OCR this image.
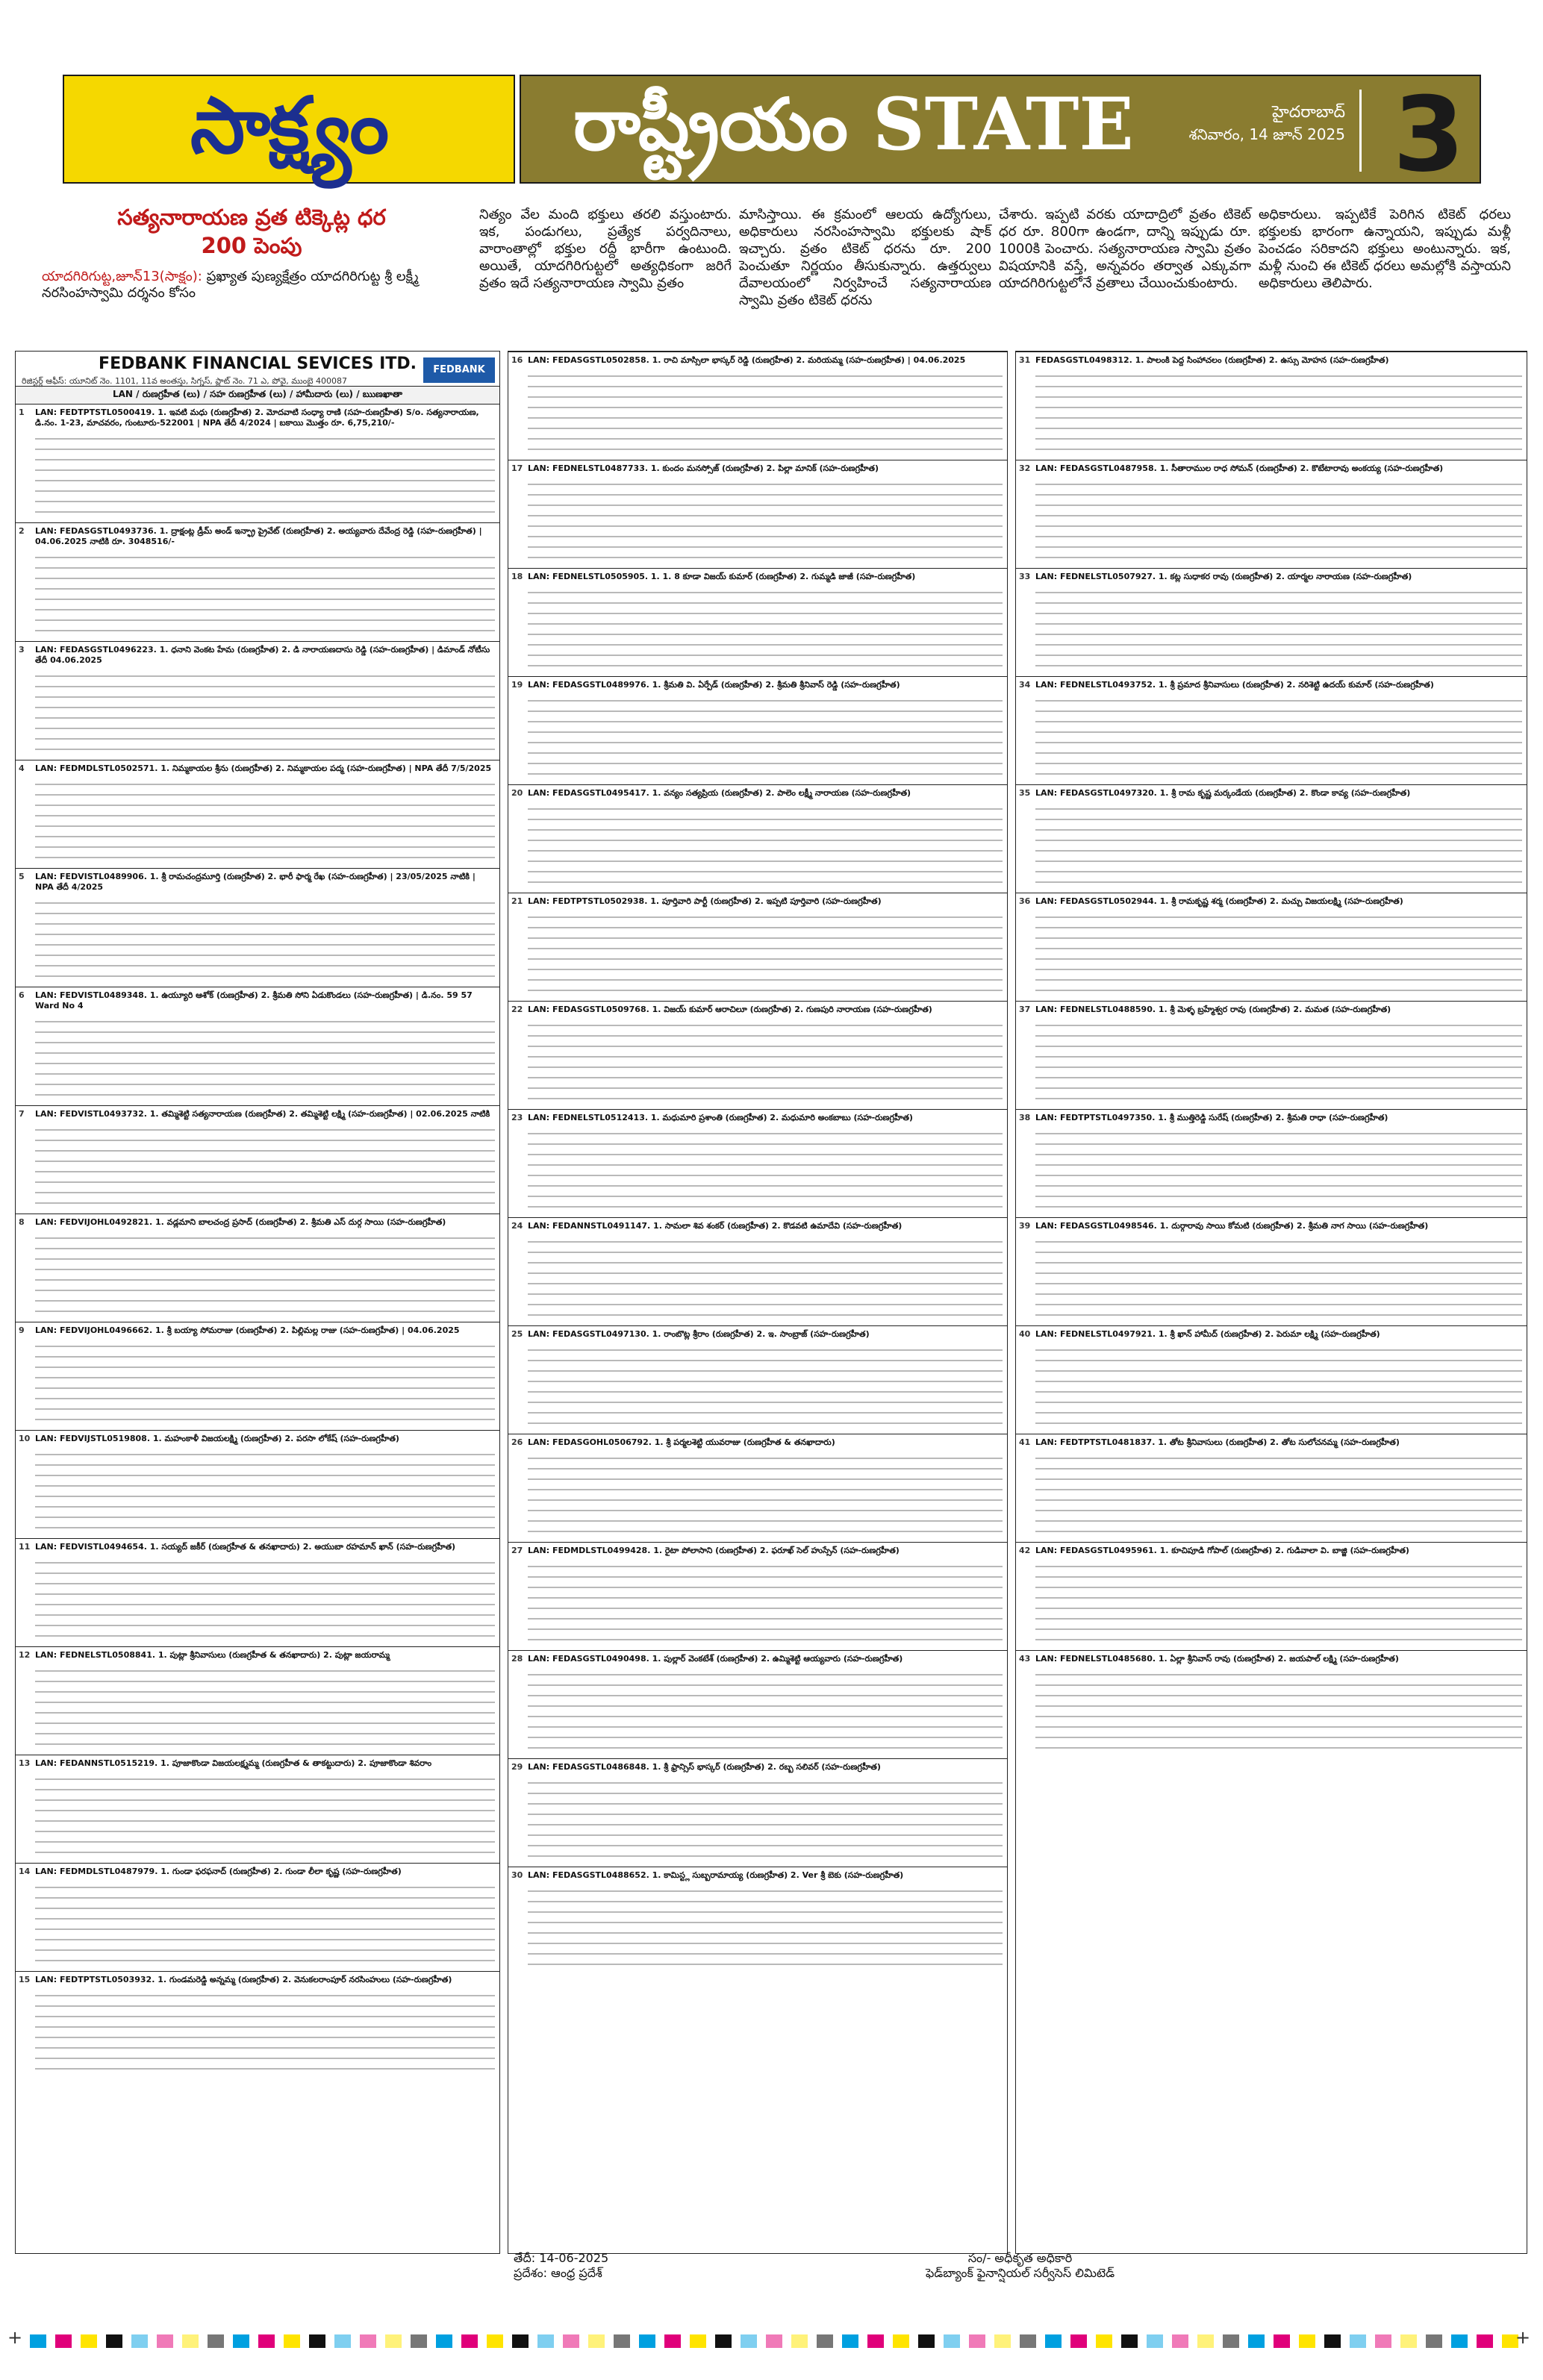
సాక్ష్యం	రాష్ట్రీయం STATE	హైదరాబాద్
శనివారం, 14 జూన్ 2025 3
సత్యనారాయణ వ్రత టిక్కెట్ల ధర
200 పెంపు
యాదగిరిగుట్ట,జూన్13(సాక్షం): ప్రఖ్యాత పుణ్యక్షేత్రం యాదగిరిగుట్ట శ్రీ లక్ష్మీ నరసింహస్వామి దర్శనం కోసం
నిత్యం వేల మంది భక్తులు తరలి వస్తుంటారు. ఇక, పండుగలు, ప్రత్యేక పర్వదినాలు, వారాంతాల్లో భక్తుల రద్దీ భారీగా ఉంటుంది. అయితే, యాదగిరిగుట్టలో అత్యధికంగా జరిగే వ్రతం ఇదే సత్యనారాయణ స్వామి వ్రతం
మాసిస్తాయి. ఈ క్రమంలో ఆలయ ఉద్యోగులు, అధికారులు నరసింహస్వామి భక్తులకు షాక్ ఇచ్చారు. వ్రతం టికెట్ ధరను రూ. 200 పెంచుతూ నిర్ణయం తీసుకున్నారు. ఉత్తర్వులు దేవాలయంలో నిర్వహించే సత్యనారాయణ స్వామి వ్రతం టికెట్ ధరను
చేశారు. ఇప్పటి వరకు యాదాద్రిలో వ్రతం టికెట్ ధర రూ. 800గా ఉండగా, దాన్ని ఇప్పుడు రూ. 1000కి పెంచారు. సత్యనారాయణ స్వామి వ్రతం విషయానికి వస్తే, అన్నవరం తర్వాత ఎక్కువగా యాదగిరిగుట్టలోనే వ్రతాలు చేయించుకుంటారు.
అధికారులు. ఇప్పటికే పెరిగిన టికెట్ ధరలు భక్తులకు భారంగా ఉన్నాయని, ఇప్పుడు మళ్లీ పెంచడం సరికాదని భక్తులు అంటున్నారు. ఇక, మళ్లీ నుంచి ఈ టికెట్ ధరలు అమల్లోకి వస్తాయని అధికారులు తెలిపారు.
FEDBANK FINANCIAL SEVICES ITD.	FEDBANK
రిజిస్టర్డ్ ఆఫీస్: యూనిట్ నెం. 1101, 11వ అంతస్తు, సిగ్నస్, ప్లాట్ నెం. 71 ఎ, పోవై, ముంబై 400087
LAN / రుణగ్రహీత (లు) / సహ రుణగ్రహీత (లు) / హామీదారు (లు) / ఋణఖాతా
1 LAN: FEDTPTSTL0500419. 1. ఇవటి మధు (రుణగ్రహీత) 2. మోదవాటి సంధ్యా రాణి (సహ-రుణగ్రహీత) S/o. సత్యనారాయణ, డి.నం. 1-23, మాచవరం, గుంటూరు-522001 | NPA తేదీ 4/2024 | బకాయి మొత్తం రూ. 6,75,210/-
2 LAN: FEDASGSTL0493736. 1. ద్రాక్షంట్ల డ్రీమ్ అండ్ ఇన్ఫ్రా ప్రైవేట్ (రుణగ్రహీత) 2. అయ్యవారు దేవేంద్ర రెడ్డి (సహ-రుణగ్రహీత) | 04.06.2025 నాటికి రూ. 3048516/-
3 LAN: FEDASGSTL0496223. 1. ధనాని వెంకట హేమ (రుణగ్రహీత) 2. డి నారాయణదాసు రెడ్డి (సహ-రుణగ్రహీత) | డిమాండ్ నోటీసు తేదీ 04.06.2025
4 LAN: FEDMDLSTL0502571. 1. నిమ్మకాయల శ్రీను (రుణగ్రహీత) 2. నిమ్మకాయల పద్మ (సహ-రుణగ్రహీత) | NPA తేదీ 7/5/2025
5 LAN: FEDVISTL0489906. 1. శ్రీ రామచంద్రమూర్తి (రుణగ్రహీత) 2. భారీ ఫార్మ రేఖ (సహ-రుణగ్రహీత) | 23/05/2025 నాటికి | NPA తేదీ 4/2025
6 LAN: FEDVISTL0489348. 1. ఉయ్యూరి ఆశోక్ (రుణగ్రహీత) 2. శ్రీమతి సోని ఏడుకొండలు (సహ-రుణగ్రహీత) | డి.నం. 59 57 Ward No 4
7 LAN: FEDVISTL0493732. 1. తమ్మిశెట్టి సత్యనారాయణ (రుణగ్రహీత) 2. తమ్మిశెట్టి లక్ష్మి (సహ-రుణగ్రహీత) | 02.06.2025 నాటికి
8 LAN: FEDVIJOHL0492821. 1. వడ్లమాని బాలచంద్ర ప్రసాద్ (రుణగ్రహీత) 2. శ్రీమతి ఎస్ దుర్గ సాయి (సహ-రుణగ్రహీత)
9 LAN: FEDVIJOHL0496662. 1. శ్రీ బయ్యా సోమరాజు (రుణగ్రహీత) 2. పిల్లిమల్ల రాజు (సహ-రుణగ్రహీత) | 04.06.2025
10 LAN: FEDVIJSTL0519808. 1. మహంకాళీ విజయలక్ష్మి (రుణగ్రహీత) 2. పరసా లోకేష్ (సహ-రుణగ్రహీత)
11 LAN: FEDVISTL0494654. 1. సయ్యద్ జకీర్ (రుణగ్రహీత & తనఖాదారు) 2. అయుబా రహమాన్ ఖాన్ (సహ-రుణగ్రహీత)
12 LAN: FEDNELSTL0508841. 1. పుట్లా శ్రీనివాసులు (రుణగ్రహీత & తనఖాదారు) 2. పుట్లా జయరామ్మ
13 LAN: FEDANNSTL0515219. 1. పూజాకొండా విజయలక్ష్మమ్మ (రుణగ్రహీత & తాకట్టుదారు) 2. పూజాకొండా శివరాం
14 LAN: FEDMDLSTL0487979. 1. గుండా ఫరఫనాద్ (రుణగ్రహీత) 2. గుండా లీలా కృష్ణ (సహ-రుణగ్రహీత)
15 LAN: FEDTPTSTL0503932. 1. గుండమరెడ్డి అన్నమ్మ (రుణగ్రహీత) 2. వెనుకలరాంపూర్ నరసింహులు (సహ-రుణగ్రహీత)
16 LAN: FEDASGSTL0502858. 1. రాచి మాస్సిలా భాస్కర్ రెడ్డి (రుణగ్రహీత) 2. మరియమ్మ (సహ-రుణగ్రహీత) | 04.06.2025
17 LAN: FEDNELSTL0487733. 1. కుందం మనస్సోజ్ (రుణగ్రహీత) 2. పిల్లా మానిక్ (సహ-రుణగ్రహీత)
18 LAN: FEDNELSTL0505905. 1. 1. 8 కూడా విజయ్ కుమార్ (రుణగ్రహీత) 2. గుమ్మడి జాజీ (సహ-రుణగ్రహీత)
19 LAN: FEDASGSTL0489976. 1. శ్రీమతి వి. ఏర్పేడ్ (రుణగ్రహీత) 2. శ్రీమతి శ్రీనివాస్ రెడ్డి (సహ-రుణగ్రహీత)
20 LAN: FEDASGSTL0495417. 1. వన్యం సత్యప్రియ (రుణగ్రహీత) 2. పాలెం లక్ష్మీ నారాయణ (సహ-రుణగ్రహీత)
21 LAN: FEDTPTSTL0502938. 1. పూర్తివారి పార్టీ (రుణగ్రహీత) 2. ఇప్పటి పూర్తివారి (సహ-రుణగ్రహీత)
22 LAN: FEDASGSTL0509768. 1. విజయ్ కుమార్ ఆరాచిలూ (రుణగ్రహీత) 2. గుణపురి నారాయణ (సహ-రుణగ్రహీత)
23 LAN: FEDNELSTL0512413. 1. మధుమారి ప్రశాంతి (రుణగ్రహీత) 2. మధుమారి అంకబాబు (సహ-రుణగ్రహీత)
24 LAN: FEDANNSTL0491147. 1. సామలా శివ శంకర్ (రుణగ్రహీత) 2. కొడవటి ఉమాదేవి (సహ-రుణగ్రహీత)
25 LAN: FEDASGSTL0497130. 1. రాంబొట్ల శ్రీరాం (రుణగ్రహీత) 2. ఇ. సాంబ్రాజ్ (సహ-రుణగ్రహీత)
26 LAN: FEDASGOHL0506792. 1. శ్రీ పర్మలశెట్టి యువరాజు (రుణగ్రహీత & తనఖాదారు)
27 LAN: FEDMDLSTL0499428. 1. రైటా పోలాసాని (రుణగ్రహీత) 2. ఫరూఖ్ సెల్ హుస్సేన్ (సహ-రుణగ్రహీత)
28 LAN: FEDASGSTL0490498. 1. పుల్లార్ వెంకటేశ్ (రుణగ్రహీత) 2. ఉమ్మిశెట్టి ఆయ్యవారు (సహ-రుణగ్రహీత)
29 LAN: FEDASGSTL0486848. 1. శ్రీ ఫ్రాన్సిస్ భాస్కర్ (రుణగ్రహీత) 2. రబ్బ సలివర్ (సహ-రుణగ్రహీత)
30 LAN: FEDASGSTL0488652. 1. కామిస్ట్ల సుబ్బరామాయ్య (రుణగ్రహీత) 2. Ver శ్రీ బెకు (సహ-రుణగ్రహీత)
31 FEDASGSTL0498312. 1. పాలంకి పెద్ద సింహాచలం (రుణగ్రహీత) 2. ఉస్సు మోహన (సహ-రుణగ్రహీత)
32 LAN: FEDASGSTL0487958. 1. సీతారాముల రాధ సోమన్ (రుణగ్రహీత) 2. కొటేటారావు అంకయ్య (సహ-రుణగ్రహీత)
33 LAN: FEDNELSTL0507927. 1. కట్ల సుధాకర రావు (రుణగ్రహీత) 2. యార్మల నారాయణ (సహ-రుణగ్రహీత)
34 LAN: FEDNELSTL0493752. 1. శ్రీ ప్రమాద శ్రీనివాసులు (రుణగ్రహీత) 2. నరిశెట్టి ఉదయ్ కుమార్ (సహ-రుణగ్రహీత)
35 LAN: FEDASGSTL0497320. 1. శ్రీ రామ కృష్ణ మర్కండేయ (రుణగ్రహీత) 2. కొండా కావ్య (సహ-రుణగ్రహీత)
36 LAN: FEDASGSTL0502944. 1. శ్రీ రామకృష్ణ శర్మ (రుణగ్రహీత) 2. మచ్చు విజయలక్ష్మి (సహ-రుణగ్రహీత)
37 LAN: FEDNELSTL0488590. 1. శ్రీ మెళ్ళ బ్రహ్మేశ్వర రావు (రుణగ్రహీత) 2. మమత (సహ-రుణగ్రహీత)
38 LAN: FEDTPTSTL0497350. 1. శ్రీ ముత్తిరెడ్డి సురేష్ (రుణగ్రహీత) 2. శ్రీమతి రాధా (సహ-రుణగ్రహీత)
39 LAN: FEDASGSTL0498546. 1. దుర్గారావు సాయి కోమటి (రుణగ్రహీత) 2. శ్రీమతి నాగ సాయి (సహ-రుణగ్రహీత)
40 LAN: FEDNELSTL0497921. 1. శ్రీ ఖాన్ హామీద్ (రుణగ్రహీత) 2. పెరుమా లక్ష్మి (సహ-రుణగ్రహీత)
41 LAN: FEDTPTSTL0481837. 1. తోట శ్రీనివాసులు (రుణగ్రహీత) 2. తోట సులోచనమ్మ (సహ-రుణగ్రహీత)
42 LAN: FEDASGSTL0495961. 1. కూచిపూడి గోపాల్ (రుణగ్రహీత) 2. గుడివాలా వి. బాజ్జి (సహ-రుణగ్రహీత)
43 LAN: FEDNELSTL0485680. 1. ఏల్లా శ్రీనివాస్ రావు (రుణగ్రహీత) 2. జయపాల్ లక్ష్మి (సహ-రుణగ్రహీత)
తేదీ: 14-06-2025
ప్రదేశం: ఆంధ్ర ప్రదేశ్
సం/- అధీకృత అధికారి
ఫెడ్‌బ్యాంక్ ఫైనాన్షియల్ సర్వీసెస్ లిమిటెడ్
+	+
